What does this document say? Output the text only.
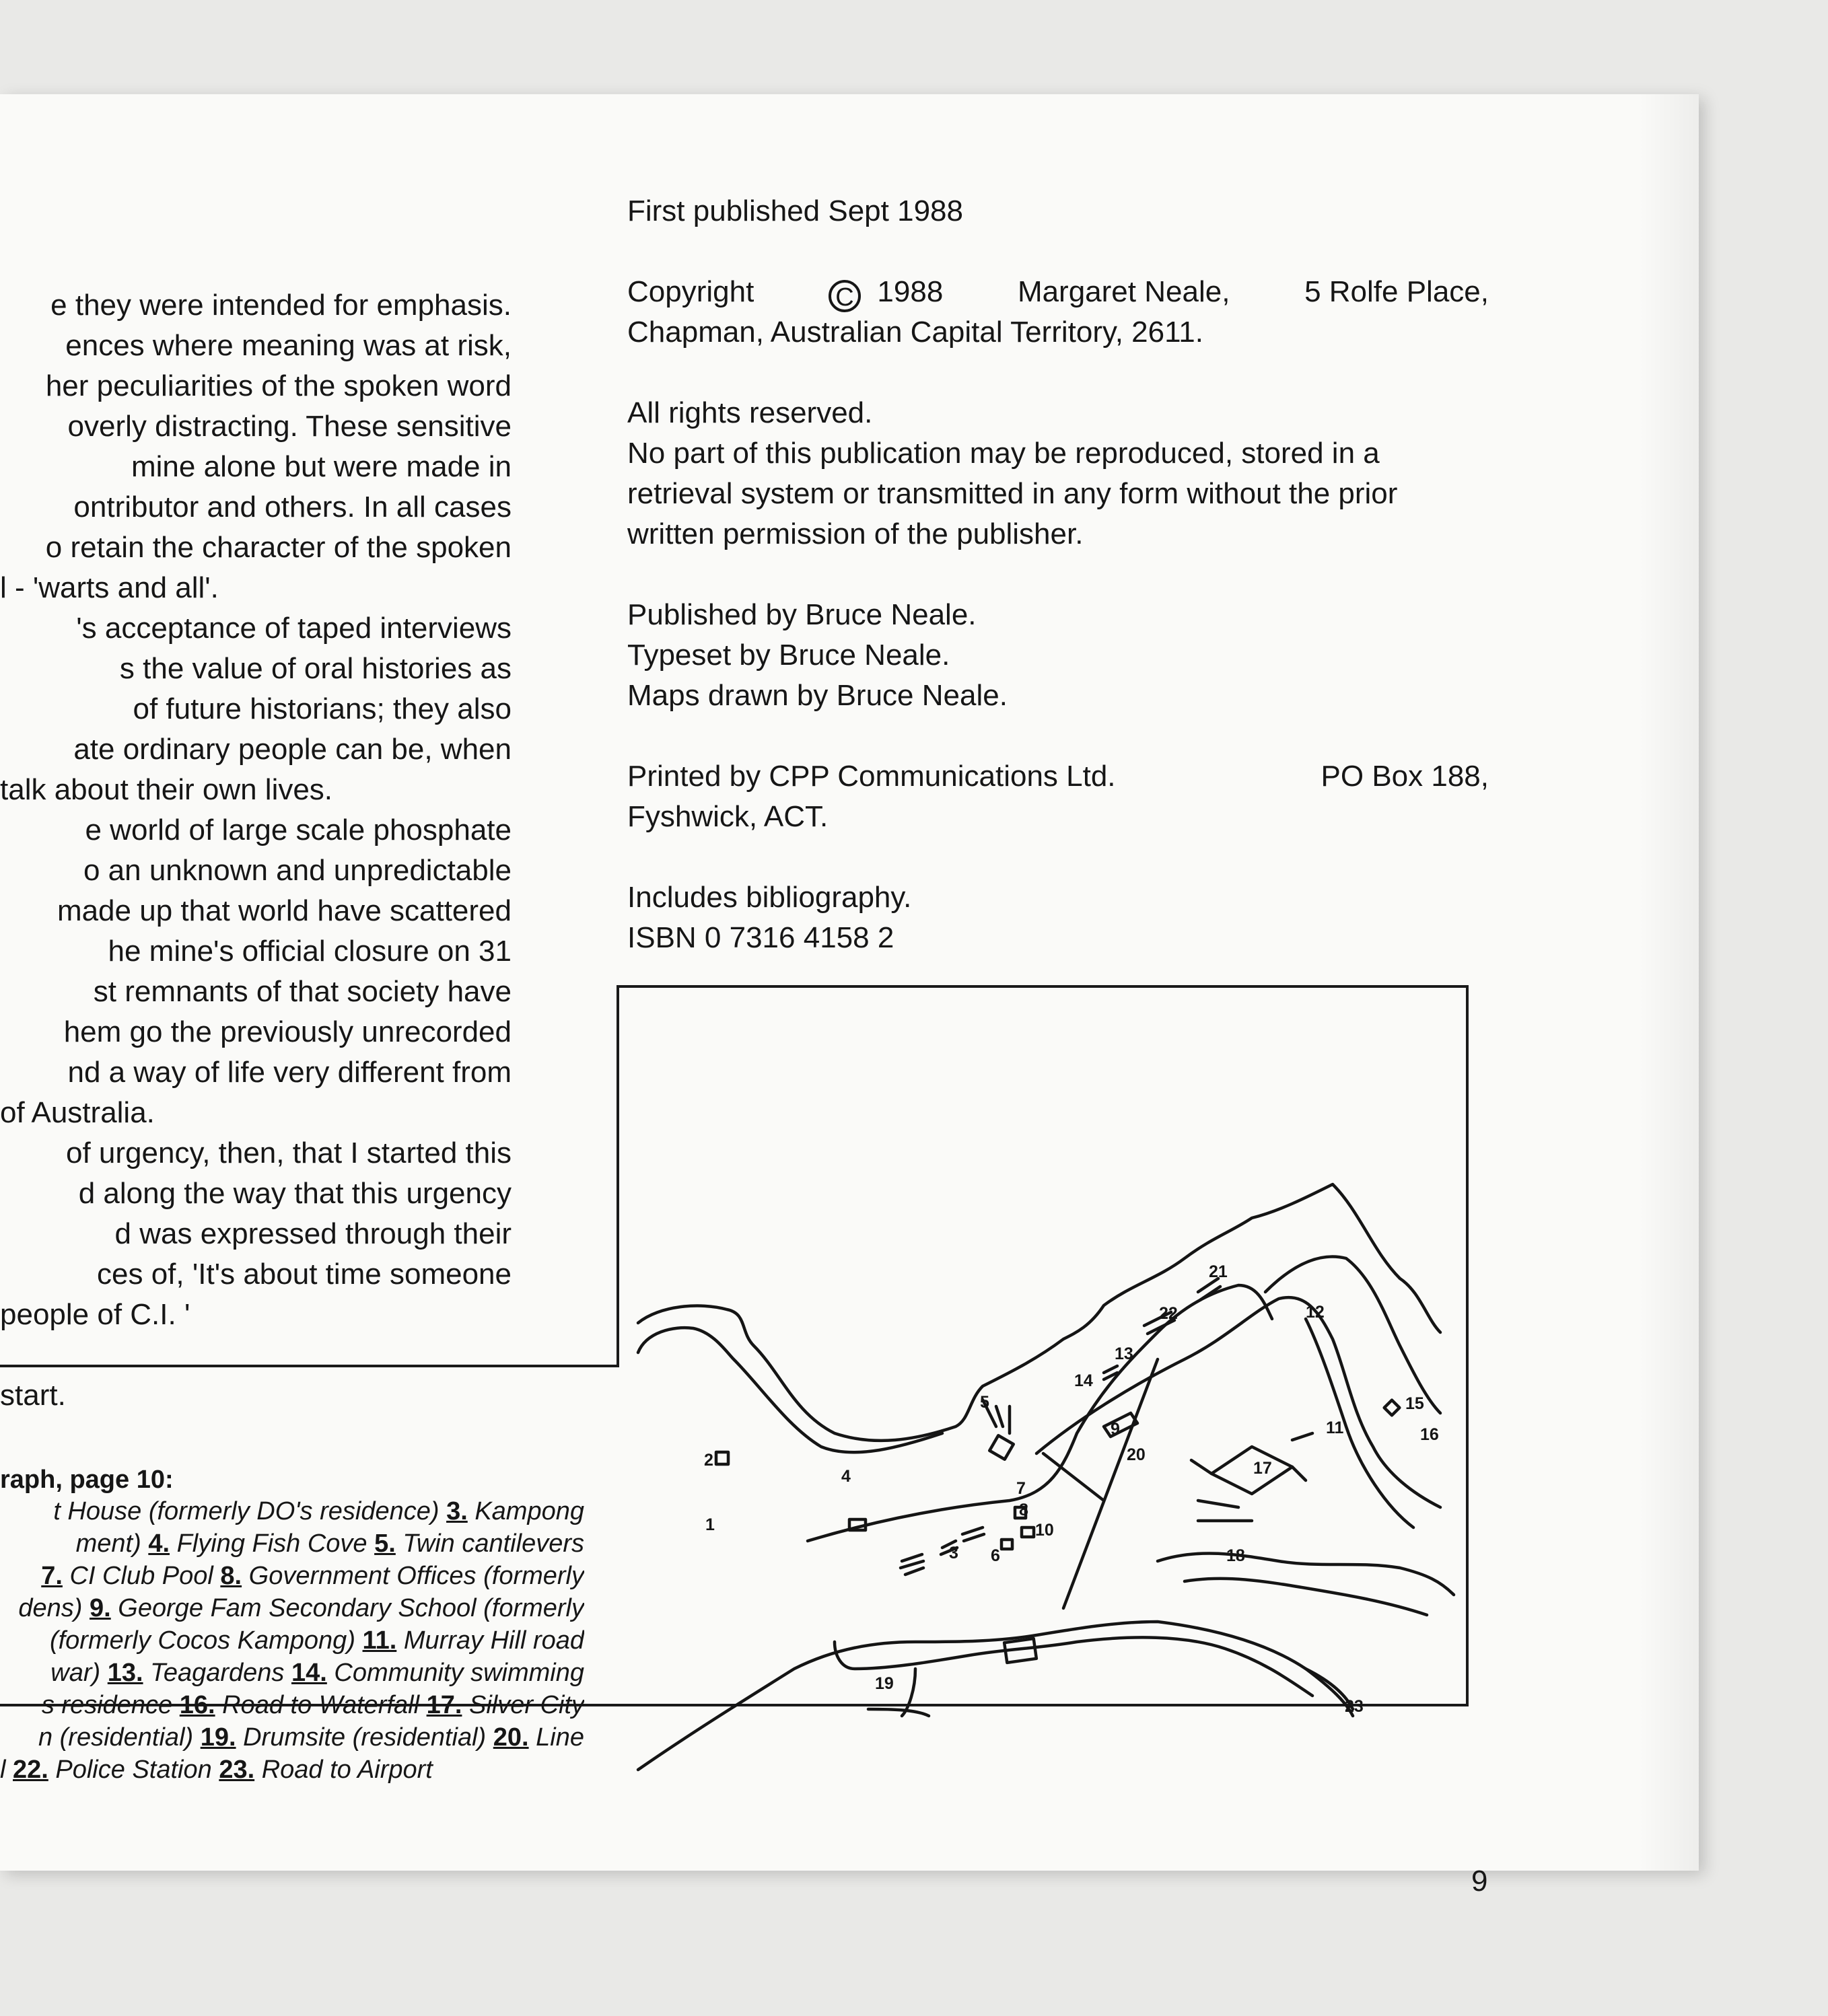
e they were intended for emphasis.
ences where meaning was at risk,
her peculiarities of the spoken word
overly distracting. These sensitive
mine alone but were made in
ontributor and others. In all cases
o retain the character of the spoken
l - 'warts and all'.
's acceptance of taped interviews
s the value of oral histories as
of future historians; they also
ate ordinary people can be, when
talk about their own lives.
e world of large scale phosphate
o an unknown and unpredictable
made up that world have scattered
he mine's official closure on 31
st remnants of that society have
hem go the previously unrecorded
nd a way of life very different from
of Australia.
of urgency, then, that I started this
d along the way that this urgency
d was expressed through their
ces of, 'It's about time someone
people of C.I. '
start.
raph, page 10:
t House (formerly DO's residence) 3. Kampong
ment) 4. Flying Fish Cove 5. Twin cantilevers
7. CI Club Pool 8. Government Offices (formerly
dens) 9. George Fam Secondary School (formerly
(formerly Cocos Kampong) 11. Murray Hill road
war) 13. Teagardens 14. Community swimming
s residence 16. Road to Waterfall 17. Silver City
n (residential) 19. Drumsite (residential) 20. Line
l 22. Police Station 23. Road to Airport
First published Sept 1988
Copyright	C 1988	Margaret Neale,	5 Rolfe Place,
Chapman, Australian Capital Territory, 2611.
All rights reserved.
No part of this publication may be reproduced, stored in a
retrieval system or transmitted in any form without the prior
written permission of the publisher.
Published by Bruce Neale.
Typeset by Bruce Neale.
Maps drawn by Bruce Neale.
Printed by CPP Communications Ltd.	PO Box 188,
Fyshwick, ACT.
Includes bibliography.
ISBN 0 7316 4158 2
1
2
3
4
5
6
7
8
9
10
11
12
13
14
15
16
17
18
19
20
21
22
23
9
